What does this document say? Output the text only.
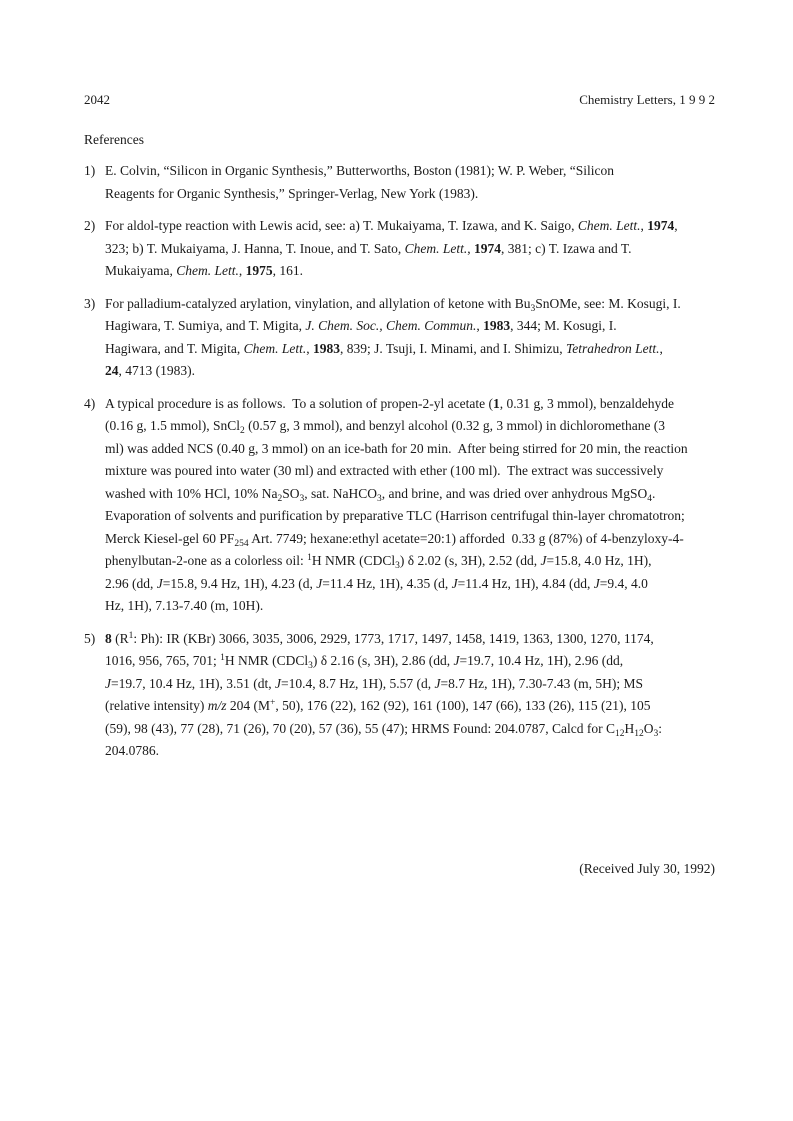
2042	Chemistry Letters, 1 9 9 2
References
1) E. Colvin, “Silicon in Organic Synthesis,” Butterworths, Boston (1981); W. P. Weber, “Silicon
Reagents for Organic Synthesis,” Springer-Verlag, New York (1983).
2) For aldol-type reaction with Lewis acid, see: a) T. Mukaiyama, T. Izawa, and K. Saigo, Chem. Lett., 1974,
323; b) T. Mukaiyama, J. Hanna, T. Inoue, and T. Sato, Chem. Lett., 1974, 381; c) T. Izawa and T.
Mukaiyama, Chem. Lett., 1975, 161.
3) For palladium-catalyzed arylation, vinylation, and allylation of ketone with $Bu_3SnOMe$, see: M. Kosugi, I.
Hagiwara, T. Sumiya, and T. Migita, J. Chem. Soc., Chem. Commun., 1983, 344; M. Kosugi, I.
Hagiwara, and T. Migita, Chem. Lett., 1983, 839; J. Tsuji, I. Minami, and I. Shimizu, Tetrahedron Lett.,
24, 4713 (1983).
4) A typical procedure is as follows.  To a solution of propen-2-yl acetate (1, 0.31 g, 3 mmol), benzaldehyde
(0.16 g, 1.5 mmol), SnCl$_2$ (0.57 g, 3 mmol), and benzyl alcohol (0.32 g, 3 mmol) in dichloromethane (3
ml) was added NCS (0.40 g, 3 mmol) on an ice-bath for 20 min.  After being stirred for 20 min, the reaction
mixture was poured into water (30 ml) and extracted with ether (100 ml).  The extract was successively
washed with 10% HCl, 10% $Na_2SO_3$, sat. NaHCO$_3$, and brine, and was dried over anhydrous MgSO$_4$.
Evaporation of solvents and purification by preparative TLC (Harrison centrifugal thin-layer chromatotron;
Merck Kiesel-gel 60 $PF_{254}$ Art. 7749; hexane:ethyl acetate=20:1) afforded  0.33 g (87%) of 4-benzyloxy-4-
phenylbutan-2-one as a colorless oil: $^1$H NMR (CDCl$_3$) δ 2.02 (s, 3H), 2.52 (dd, J=15.8, 4.0 Hz, 1H),
2.96 (dd, J=15.8, 9.4 Hz, 1H), 4.23 (d, J=11.4 Hz, 1H), 4.35 (d, J=11.4 Hz, 1H), 4.84 (dd, J=9.4, 4.0
Hz, 1H), 7.13-7.40 (m, 10H).
5) 8 ($R^1$: Ph): IR (KBr) 3066, 3035, 3006, 2929, 1773, 1717, 1497, 1458, 1419, 1363, 1300, 1270, 1174,
1016, 956, 765, 701; $^1$H NMR (CDCl$_3$) δ 2.16 (s, 3H), 2.86 (dd, J=19.7, 10.4 Hz, 1H), 2.96 (dd,
J=19.7, 10.4 Hz, 1H), 3.51 (dt, J=10.4, 8.7 Hz, 1H), 5.57 (d, J=8.7 Hz, 1H), 7.30-7.43 (m, 5H); MS
(relative intensity) m/z 204 (M+, 50), 176 (22), 162 (92), 161 (100), 147 (66), 133 (26), 115 (21), 105
(59), 98 (43), 77 (28), 71 (26), 70 (20), 57 (36), 55 (47); HRMS Found: 204.0787, Calcd for $C_{12}H_{12}O_3$:
204.0786.
(Received July 30, 1992)
